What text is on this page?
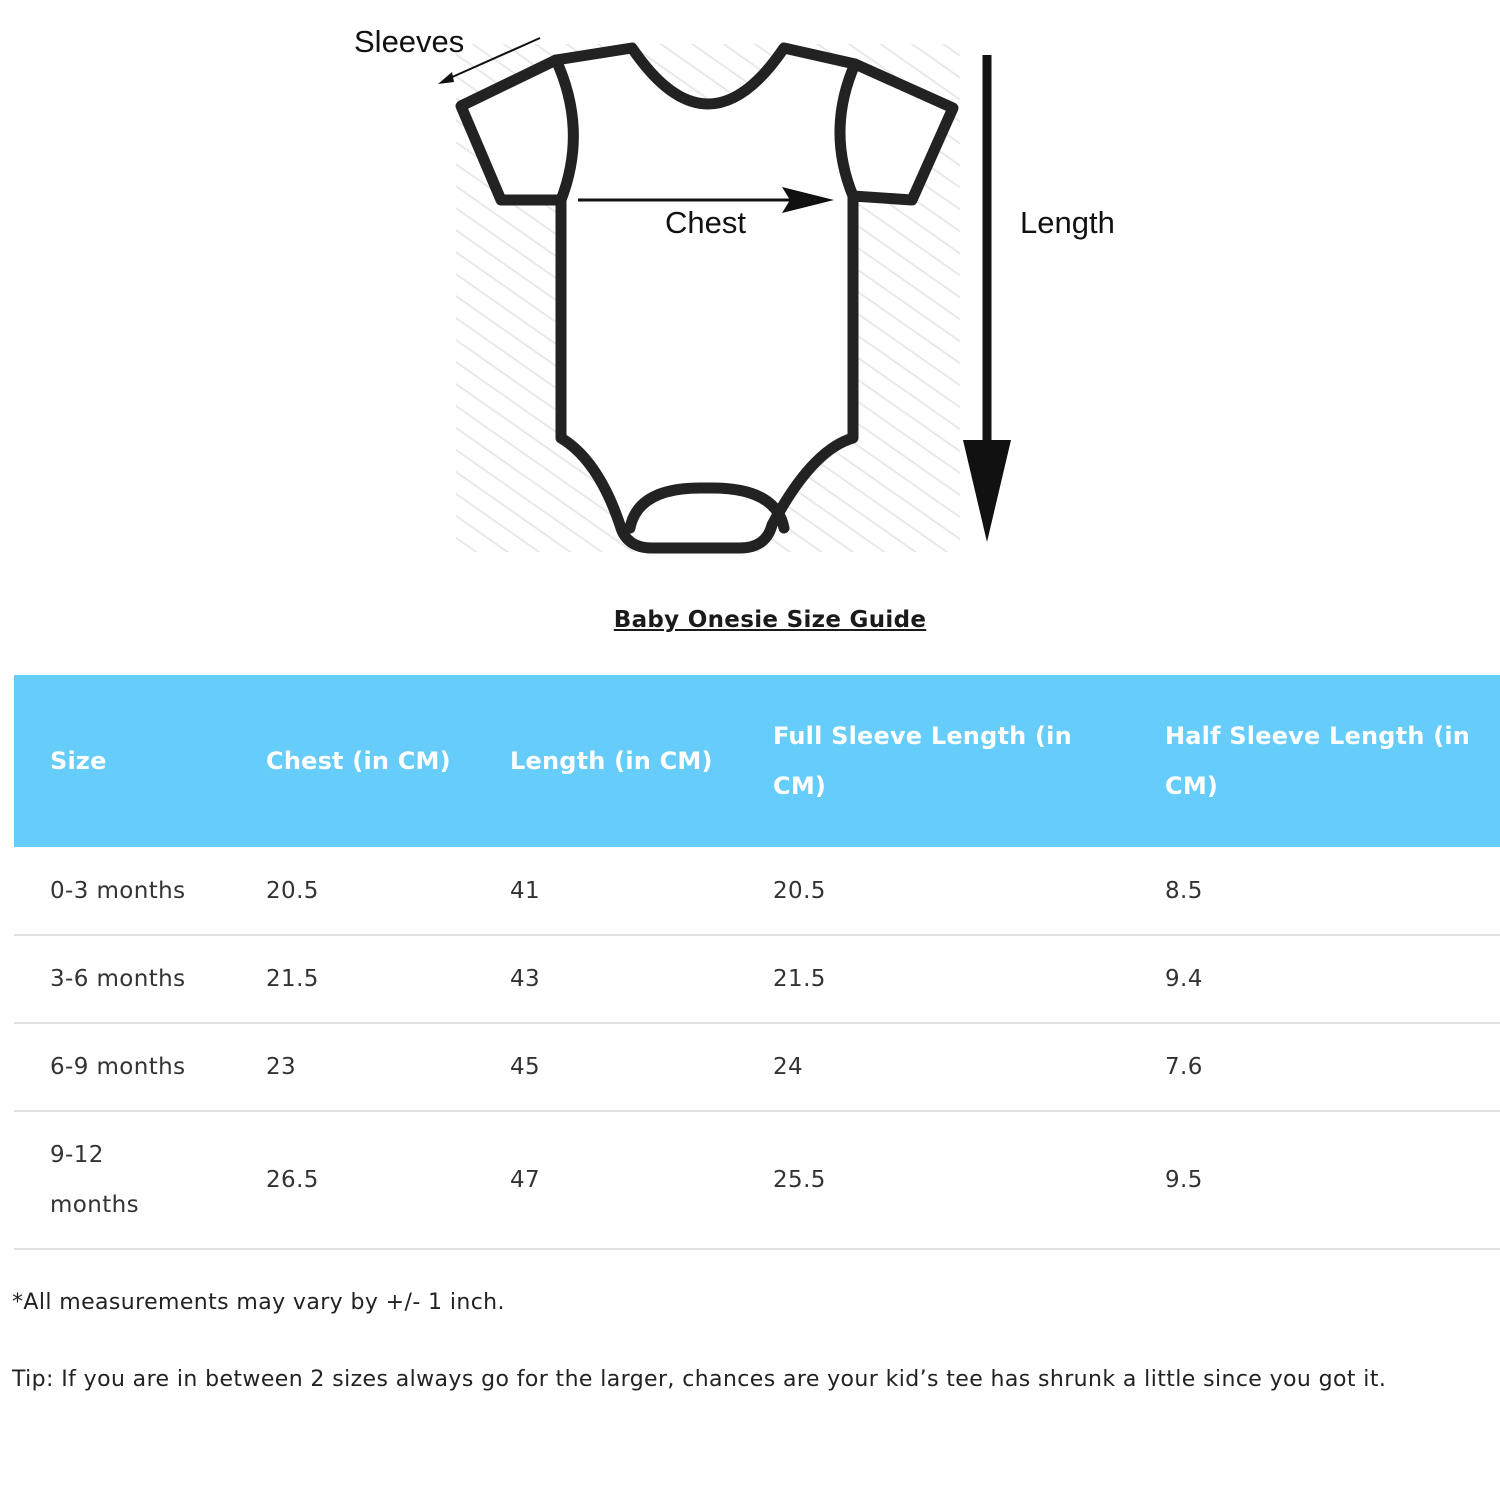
Sleeves
Chest	Length
Baby Onesie Size Guide
Size	Chest (in CM)	Length (in CM)	Full Sleeve Length (in CM)	Half Sleeve Length (in CM)
0-3 months	20.5	41	20.5	8.5
3-6 months	21.5	43	21.5	9.4
6-9 months	23	45	24	7.6
9-12 months	26.5	47	25.5	9.5
*All measurements may vary by +/- 1 inch.
Tip: If you are in between 2 sizes always go for the larger, chances are your kid’s tee has shrunk a little since you got it.
